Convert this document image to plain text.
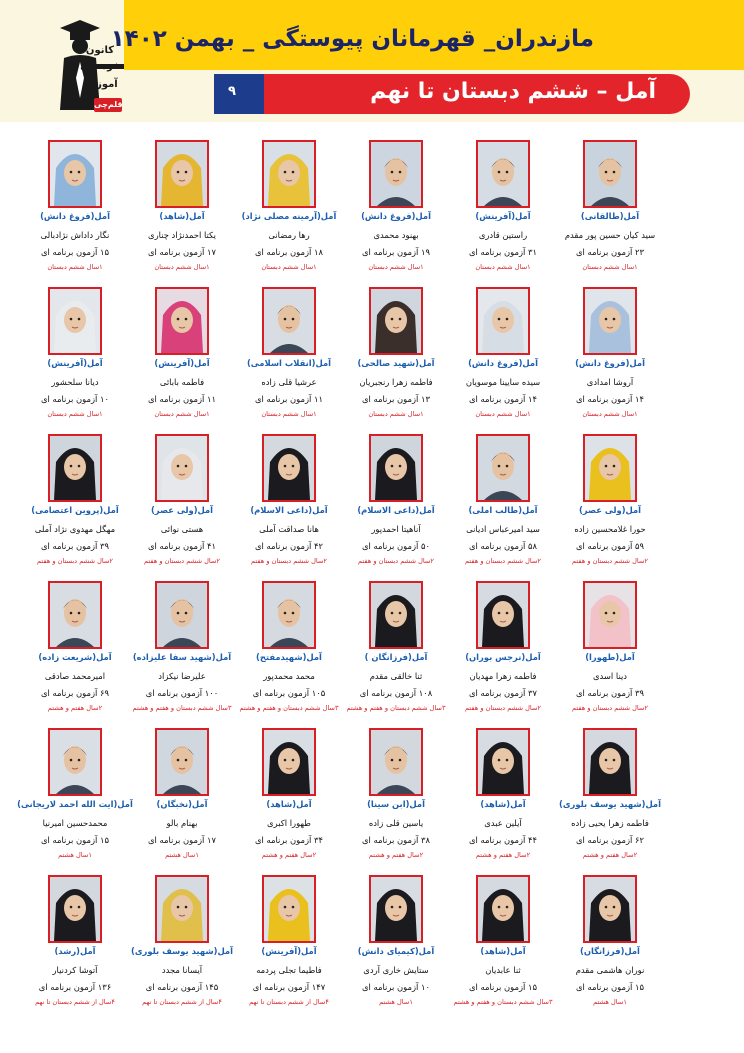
کانون
فرهنگی
آموزش
قلم‌چی
مازندران_ قهرمانان پیوستگی _ بهمن ۱۴۰۲
۹	آمل – ششم دبستان تا نهم
آمل(طالقانی)
سید کیان حسین پور مقدم
۲۳ آزمون برنامه ای
۱سال ششم دبستان
آمل(آفرینش)
راستین قادری
۳۱ آزمون برنامه ای
۱سال ششم دبستان
آمل(فروغ دانش)
بهنود محمدی
۱۹ آزمون برنامه ای
۱سال ششم دبستان
آمل(آرمینه مصلی نژاد)
رها رمضانی
۱۸ آزمون برنامه ای
۱سال ششم دبستان
آمل(شاهد)
یکتا احمدنژاد چناری
۱۷ آزمون برنامه ای
۱سال ششم دبستان
آمل(فروغ دانش)
نگار داداش نژادبالی
۱۵ آزمون برنامه ای
۱سال ششم دبستان
آمل(فروغ دانش)
آروشا امدادی
۱۴ آزمون برنامه ای
۱سال ششم دبستان
آمل(فروغ دانش)
سیده سایینا موسویان
۱۴ آزمون برنامه ای
۱سال ششم دبستان
آمل(شهید صالحی)
فاطمه زهرا رنجبریان
۱۳ آزمون برنامه ای
۱سال ششم دبستان
آمل(انقلاب اسلامی)
عرشیا قلی زاده
۱۱ آزمون برنامه ای
۱سال ششم دبستان
آمل(آفرینش)
فاطمه بابائی
۱۱ آزمون برنامه ای
۱سال ششم دبستان
آمل(آفرینش)
دیانا سلحشور
۱۰ آزمون برنامه ای
۱سال ششم دبستان
آمل(ولی عصر)
حورا غلامحسین زاده
۵۹ آزمون برنامه ای
۲سال ششم دبستان و هفتم
آمل(طالب املی)
سید امیرعباس ادیانی
۵۸ آزمون برنامه ای
۲سال ششم دبستان و هفتم
آمل(داعی الاسلام)
آناهیتا احمدپور
۵۰ آزمون برنامه ای
۲سال ششم دبستان و هفتم
آمل(داعی الاسلام)
هانا صداقت آملی
۴۲ آزمون برنامه ای
۲سال ششم دبستان و هفتم
آمل(ولی عصر)
هستی نوائی
۴۱ آزمون برنامه ای
۲سال ششم دبستان و هفتم
آمل(پروین اعتصامی)
مهگل مهدوی نژاد آملی
۳۹ آزمون برنامه ای
۲سال ششم دبستان و هفتم
آمل(طهورا)
دینا اسدی
۳۹ آزمون برنامه ای
۲سال ششم دبستان و هفتم
آمل(نرجس بوران)
فاطمه زهرا مهدیان
۳۷ آزمون برنامه ای
۲سال ششم دبستان و هفتم
آمل(فرزانگان )
ثنا خالقی مقدم
۱۰۸ آزمون برنامه ای
۳سال ششم دبستان و هفتم و هشتم
آمل(شهیدمفتح)
محمد محمدپور
۱۰۵ آزمون برنامه ای
۳سال ششم دبستان و هفتم و هشتم
آمل(شهید سفا علیزاده)
علیرضا نیکزاد
۱۰۰ آزمون برنامه ای
۳سال ششم دبستان و هفتم و هشتم
آمل(شریعت زاده)
امیرمحمد صادقی
۶۹ آزمون برنامه ای
۲سال هفتم و هشتم
آمل(شهید یوسف بلوری)
فاطمه زهرا یحیی زاده
۶۲ آزمون برنامه ای
۲سال هفتم و هشتم
آمل(شاهد)
آیلین عبدی
۴۴ آزمون برنامه ای
۲سال هفتم و هشتم
آمل(ابن سینا)
یاسین قلی زاده
۳۸ آزمون برنامه ای
۲سال هفتم و هشتم
آمل(شاهد)
طهورا اکبری
۳۴ آزمون برنامه ای
۲سال هفتم و هشتم
آمل(نخبگان)
بهنام بالو
۱۷ آزمون برنامه ای
۱سال هشتم
آمل(ایت الله احمد لاریجانی)
محمدحسین امیرنیا
۱۵ آزمون برنامه ای
۱سال هشتم
آمل(فرزانگان)
نوران هاشمی مقدم
۱۵ آزمون برنامه ای
۱سال هشتم
آمل(شاهد)
ثنا عابدیان
۱۵ آزمون برنامه ای
۳سال ششم دبستان و هفتم و هشتم
آمل(کیمیای دانش)
ستایش خاری آردی
۱۰ آزمون برنامه ای
۱سال هشتم
آمل(آفرینش)
فاطیما تجلی پردمه
۱۴۷ آزمون برنامه ای
۴سال از ششم دبستان تا نهم
آمل(شهید یوسف بلوری)
آیسانا مجدد
۱۴۵ آزمون برنامه ای
۴سال از ششم دبستان تا نهم
آمل(رشد)
آتوشا کردنیار
۱۳۶ آزمون برنامه ای
۴سال از ششم دبستان تا نهم
